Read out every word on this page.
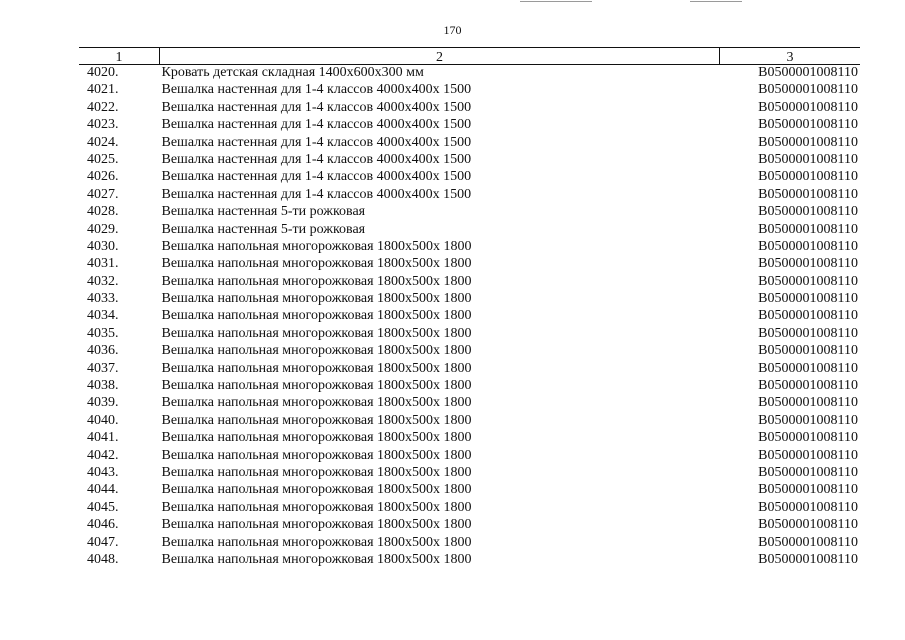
170
1	2	3
4020.	Кровать детская складная 1400х600х300 мм	В0500001008110
4021.	Вешалка настенная для 1-4 классов 4000х400х 1500	В0500001008110
4022.	Вешалка настенная для 1-4 классов 4000х400х 1500	В0500001008110
4023.	Вешалка настенная для 1-4 классов 4000х400х 1500	В0500001008110
4024.	Вешалка настенная для 1-4 классов 4000х400х 1500	В0500001008110
4025.	Вешалка настенная для 1-4 классов 4000х400х 1500	В0500001008110
4026.	Вешалка настенная для 1-4 классов 4000х400х 1500	В0500001008110
4027.	Вешалка настенная для 1-4 классов 4000х400х 1500	В0500001008110
4028.	Вешалка настенная 5-ти рожковая	В0500001008110
4029.	Вешалка настенная 5-ти рожковая	В0500001008110
4030.	Вешалка напольная многорожковая 1800х500х 1800	В0500001008110
4031.	Вешалка напольная многорожковая 1800х500х 1800	В0500001008110
4032.	Вешалка напольная многорожковая 1800х500х 1800	В0500001008110
4033.	Вешалка напольная многорожковая 1800х500х 1800	В0500001008110
4034.	Вешалка напольная многорожковая 1800х500х 1800	В0500001008110
4035.	Вешалка напольная многорожковая 1800х500х 1800	В0500001008110
4036.	Вешалка напольная многорожковая 1800х500х 1800	В0500001008110
4037.	Вешалка напольная многорожковая 1800х500х 1800	В0500001008110
4038.	Вешалка напольная многорожковая 1800х500х 1800	В0500001008110
4039.	Вешалка напольная многорожковая 1800х500х 1800	В0500001008110
4040.	Вешалка напольная многорожковая 1800х500х 1800	В0500001008110
4041.	Вешалка напольная многорожковая 1800х500х 1800	В0500001008110
4042.	Вешалка напольная многорожковая 1800х500х 1800	В0500001008110
4043.	Вешалка напольная многорожковая 1800х500х 1800	В0500001008110
4044.	Вешалка напольная многорожковая 1800х500х 1800	В0500001008110
4045.	Вешалка напольная многорожковая 1800х500х 1800	В0500001008110
4046.	Вешалка напольная многорожковая 1800х500х 1800	В0500001008110
4047.	Вешалка напольная многорожковая 1800х500х 1800	В0500001008110
4048.	Вешалка напольная многорожковая 1800х500х 1800	В0500001008110
